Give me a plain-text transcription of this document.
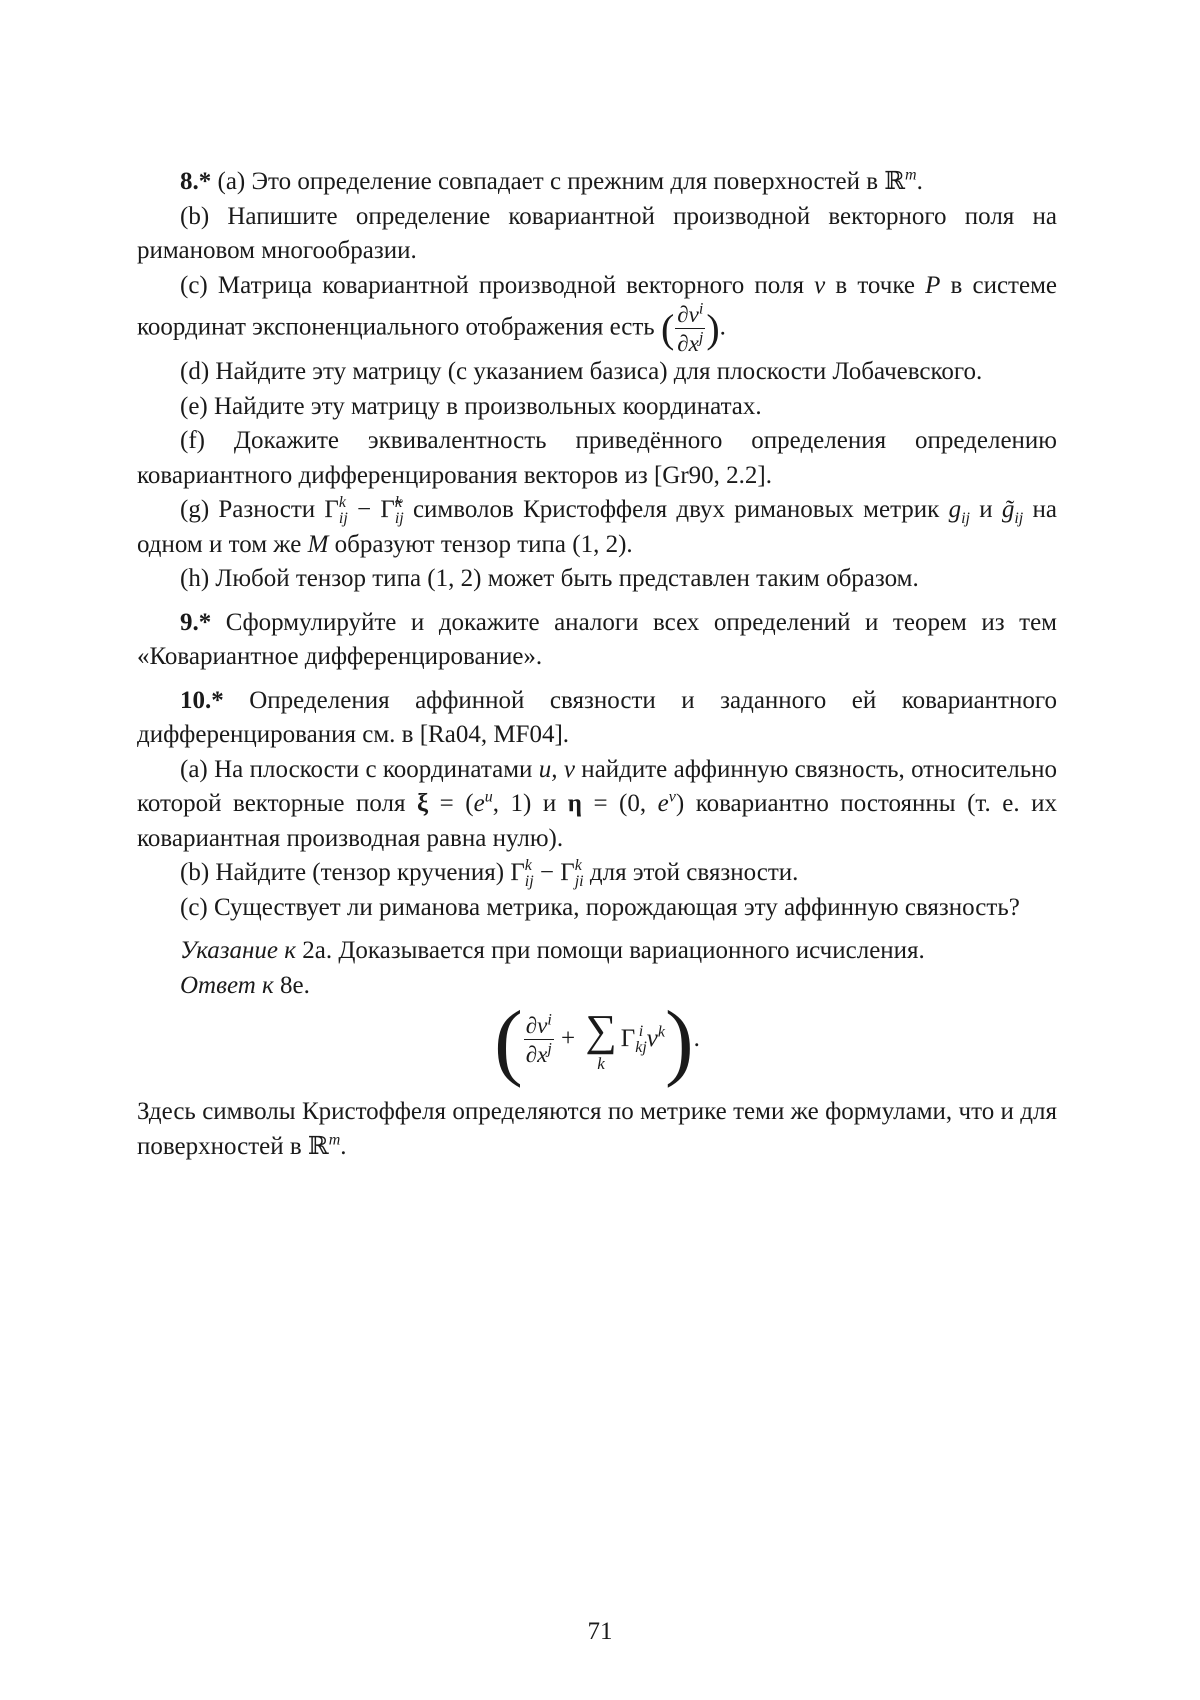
8.* (a) Это определение совпадает с прежним для поверхностей в ℝ$^m$.

(b) Напишите определение ковариантной производной векторного поля на римановом многообразии.

(c) Матрица ковариантной производной векторного поля v в точке P в системе координат экспоненциального отображения есть ( $\frac{\partial v^i}{\partial x^j}$ ).

(d) Найдите эту матрицу (с указанием базиса) для плоскости Лобачевского.

(e) Найдите эту матрицу в произвольных координатах.

(f) Докажите эквивалентность приведённого определения определению ковариантного дифференцирования векторов из [Gr90, 2.2].

(g) Разности Γ k
ij − Γ̃ k
ij символов Кристоффеля двух римановых метрик $g_{ij}$ и $g̃_{ij}$ на одном и том же M образуют тензор типа (1, 2).

(h) Любой тензор типа (1, 2) может быть представлен таким образом.

9.* Сформулируйте и докажите аналоги всех определений и теорем из тем «Ковариантное дифференцирование».

10.* Определения аффинной связности и заданного ей ковариантного дифференцирования см. в [Ra04, MF04].

(a) На плоскости с координатами u, v найдите аффинную связность, относительно которой векторные поля $\xi = (e^u$, 1) и η = (0, $e^v$) ковариантно постоянны (т. е. их ковариантная производная равна нулю).

(b) Найдите (тензор кручения) Γ k
ij − Γ k
ji для этой связности.

(c) Существует ли риманова метрика, порождающая эту аффинную связность?

Указание к 2a. Доказывается при помощи вариационного исчисления.

Ответ к 8e.

( $\frac{\partial v^i}{\partial x^j}$ + ∑
k
Γ i
kj $v^k$).

Здесь символы Кристоффеля определяются по метрике теми же формулами, что и для поверхностей в ℝ$^m$.

71
